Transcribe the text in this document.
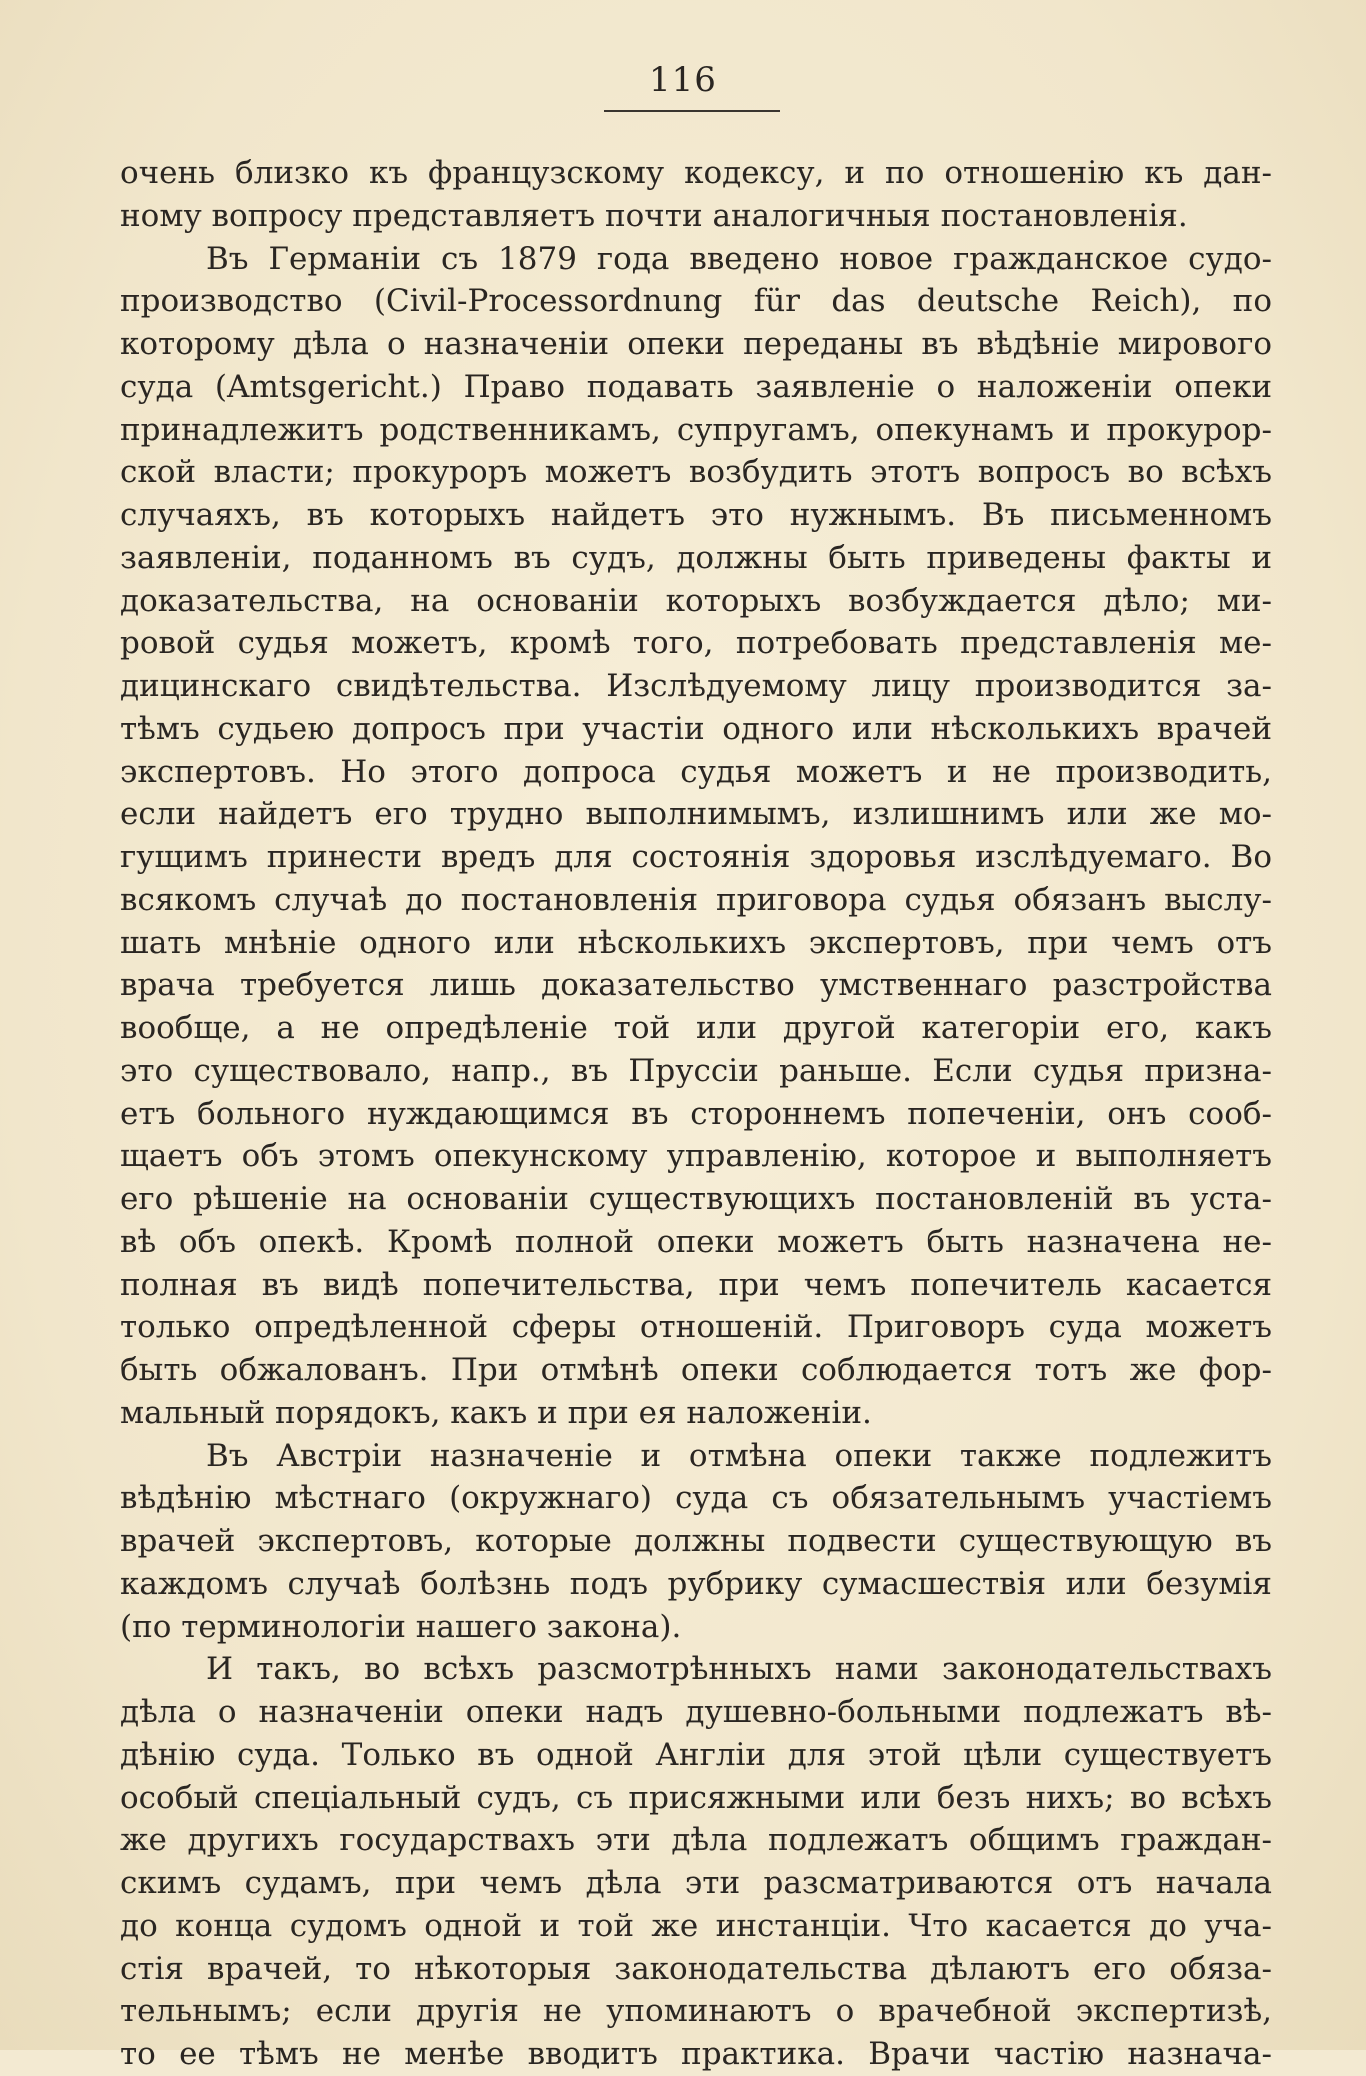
116
очень близко къ французскому кодексу, и по отношенію къ дан-
ному вопросу представляетъ почти аналогичныя постановленія.
Въ Германіи съ 1879 года введено новое гражданское судо-
производство (Civil-Processordnung für das deutsche Reich), по
которому дѣла о назначеніи опеки переданы въ вѣдѣніе мирового
суда (Amtsgericht.) Право подавать заявленіе о наложеніи опеки
принадлежитъ родственникамъ, супругамъ, опекунамъ и прокурор-
ской власти; прокуроръ можетъ возбудить этотъ вопросъ во всѣхъ
случаяхъ, въ которыхъ найдетъ это нужнымъ. Въ письменномъ
заявленіи, поданномъ въ судъ, должны быть приведены факты и
доказательства, на основаніи которыхъ возбуждается дѣло; ми-
ровой судья можетъ, кромѣ того, потребовать представленія ме-
дицинскаго свидѣтельства. Изслѣдуемому лицу производится за-
тѣмъ судьею допросъ при участіи одного или нѣсколькихъ врачей
экспертовъ. Но этого допроса судья можетъ и не производить,
если найдетъ его трудно выполнимымъ, излишнимъ или же мо-
гущимъ принести вредъ для состоянія здоровья изслѣдуемаго. Во
всякомъ случаѣ до постановленія приговора судья обязанъ выслу-
шать мнѣніе одного или нѣсколькихъ экспертовъ, при чемъ отъ
врача требуется лишь доказательство умственнаго разстройства
вообще, а не опредѣленіе той или другой категоріи его, какъ
это существовало, напр., въ Пруссіи раньше. Если судья призна-
етъ больного нуждающимся въ стороннемъ попеченіи, онъ сооб-
щаетъ объ этомъ опекунскому управленію, которое и выполняетъ
его рѣшеніе на основаніи существующихъ постановленій въ уста-
вѣ объ опекѣ. Кромѣ полной опеки можетъ быть назначена не-
полная въ видѣ попечительства, при чемъ попечитель касается
только опредѣленной сферы отношеній. Приговоръ суда можетъ
быть обжалованъ. При отмѣнѣ опеки соблюдается тотъ же фор-
мальный порядокъ, какъ и при ея наложеніи.
Въ Австріи назначеніе и отмѣна опеки также подлежитъ
вѣдѣнію мѣстнаго (окружнаго) суда съ обязательнымъ участіемъ
врачей экспертовъ, которые должны подвести существующую въ
каждомъ случаѣ болѣзнь подъ рубрику сумасшествія или безумія
(по терминологіи нашего закона).
И такъ, во всѣхъ разсмотрѣнныхъ нами законодательствахъ
дѣла о назначеніи опеки надъ душевно-больными подлежатъ вѣ-
дѣнію суда. Только въ одной Англіи для этой цѣли существуетъ
особый спеціальный судъ, съ присяжными или безъ нихъ; во всѣхъ
же другихъ государствахъ эти дѣла подлежатъ общимъ граждан-
скимъ судамъ, при чемъ дѣла эти разсматриваются отъ начала
до конца судомъ одной и той же инстанціи. Что касается до уча-
стія врачей, то нѣкоторыя законодательства дѣлаютъ его обяза-
тельнымъ; если другія не упоминаютъ о врачебной экспертизѣ,
то ее тѣмъ не менѣе вводитъ практика. Врачи частію назнача-
